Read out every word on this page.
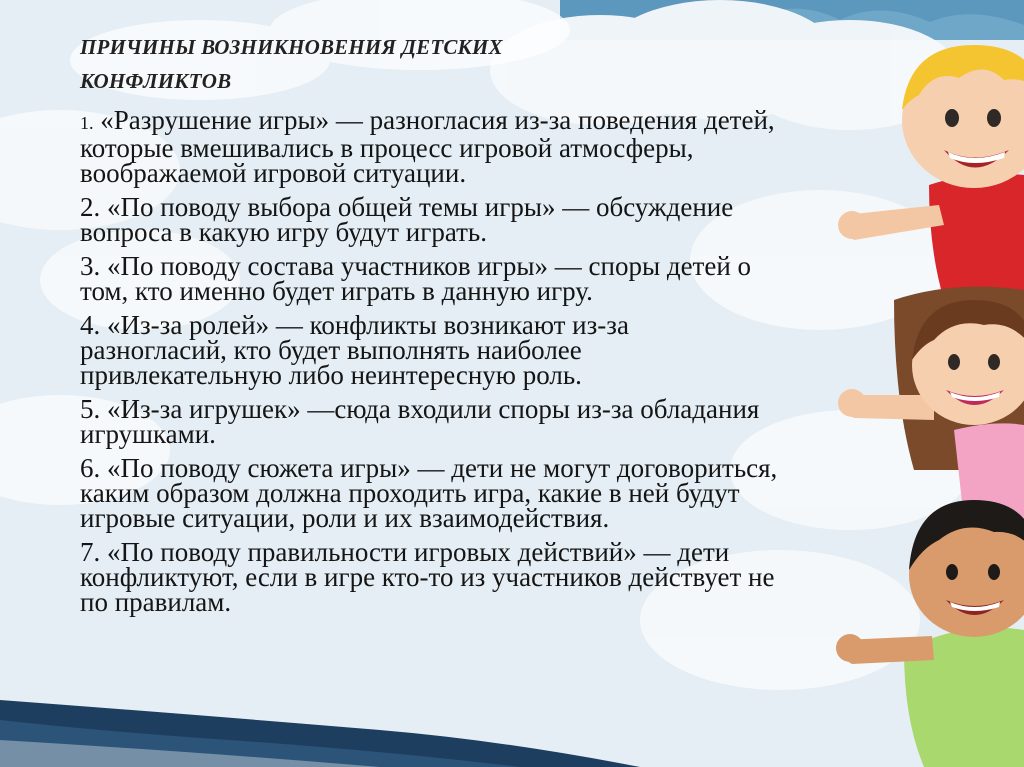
ПРИЧИНЫ ВОЗНИКНОВЕНИЯ ДЕТСКИХ КОНФЛИКТОВ
1. «Разрушение игры» — разногласия из-за поведения детей, которые вмешивались в процесс игровой атмосферы, воображаемой игровой ситуации.
2. «По поводу выбора общей темы игры» — обсуждение вопроса в какую игру будут играть.
3. «По поводу состава участников игры» — споры детей о том, кто именно будет играть в данную игру.
4. «Из-за ролей» — конфликты возникают из-за разногласий, кто будет выполнять наиболее привлекательную либо неинтересную роль.
5. «Из-за игрушек» —сюда входили споры из-за обладания игрушками.
6. «По поводу сюжета игры» — дети не могут договориться, каким образом должна проходить игра, какие в ней будут игровые ситуации, роли и их взаимодействия.
7. «По поводу правильности игровых действий» — дети конфликтуют, если в игре кто-то из участников действует не по правилам.
